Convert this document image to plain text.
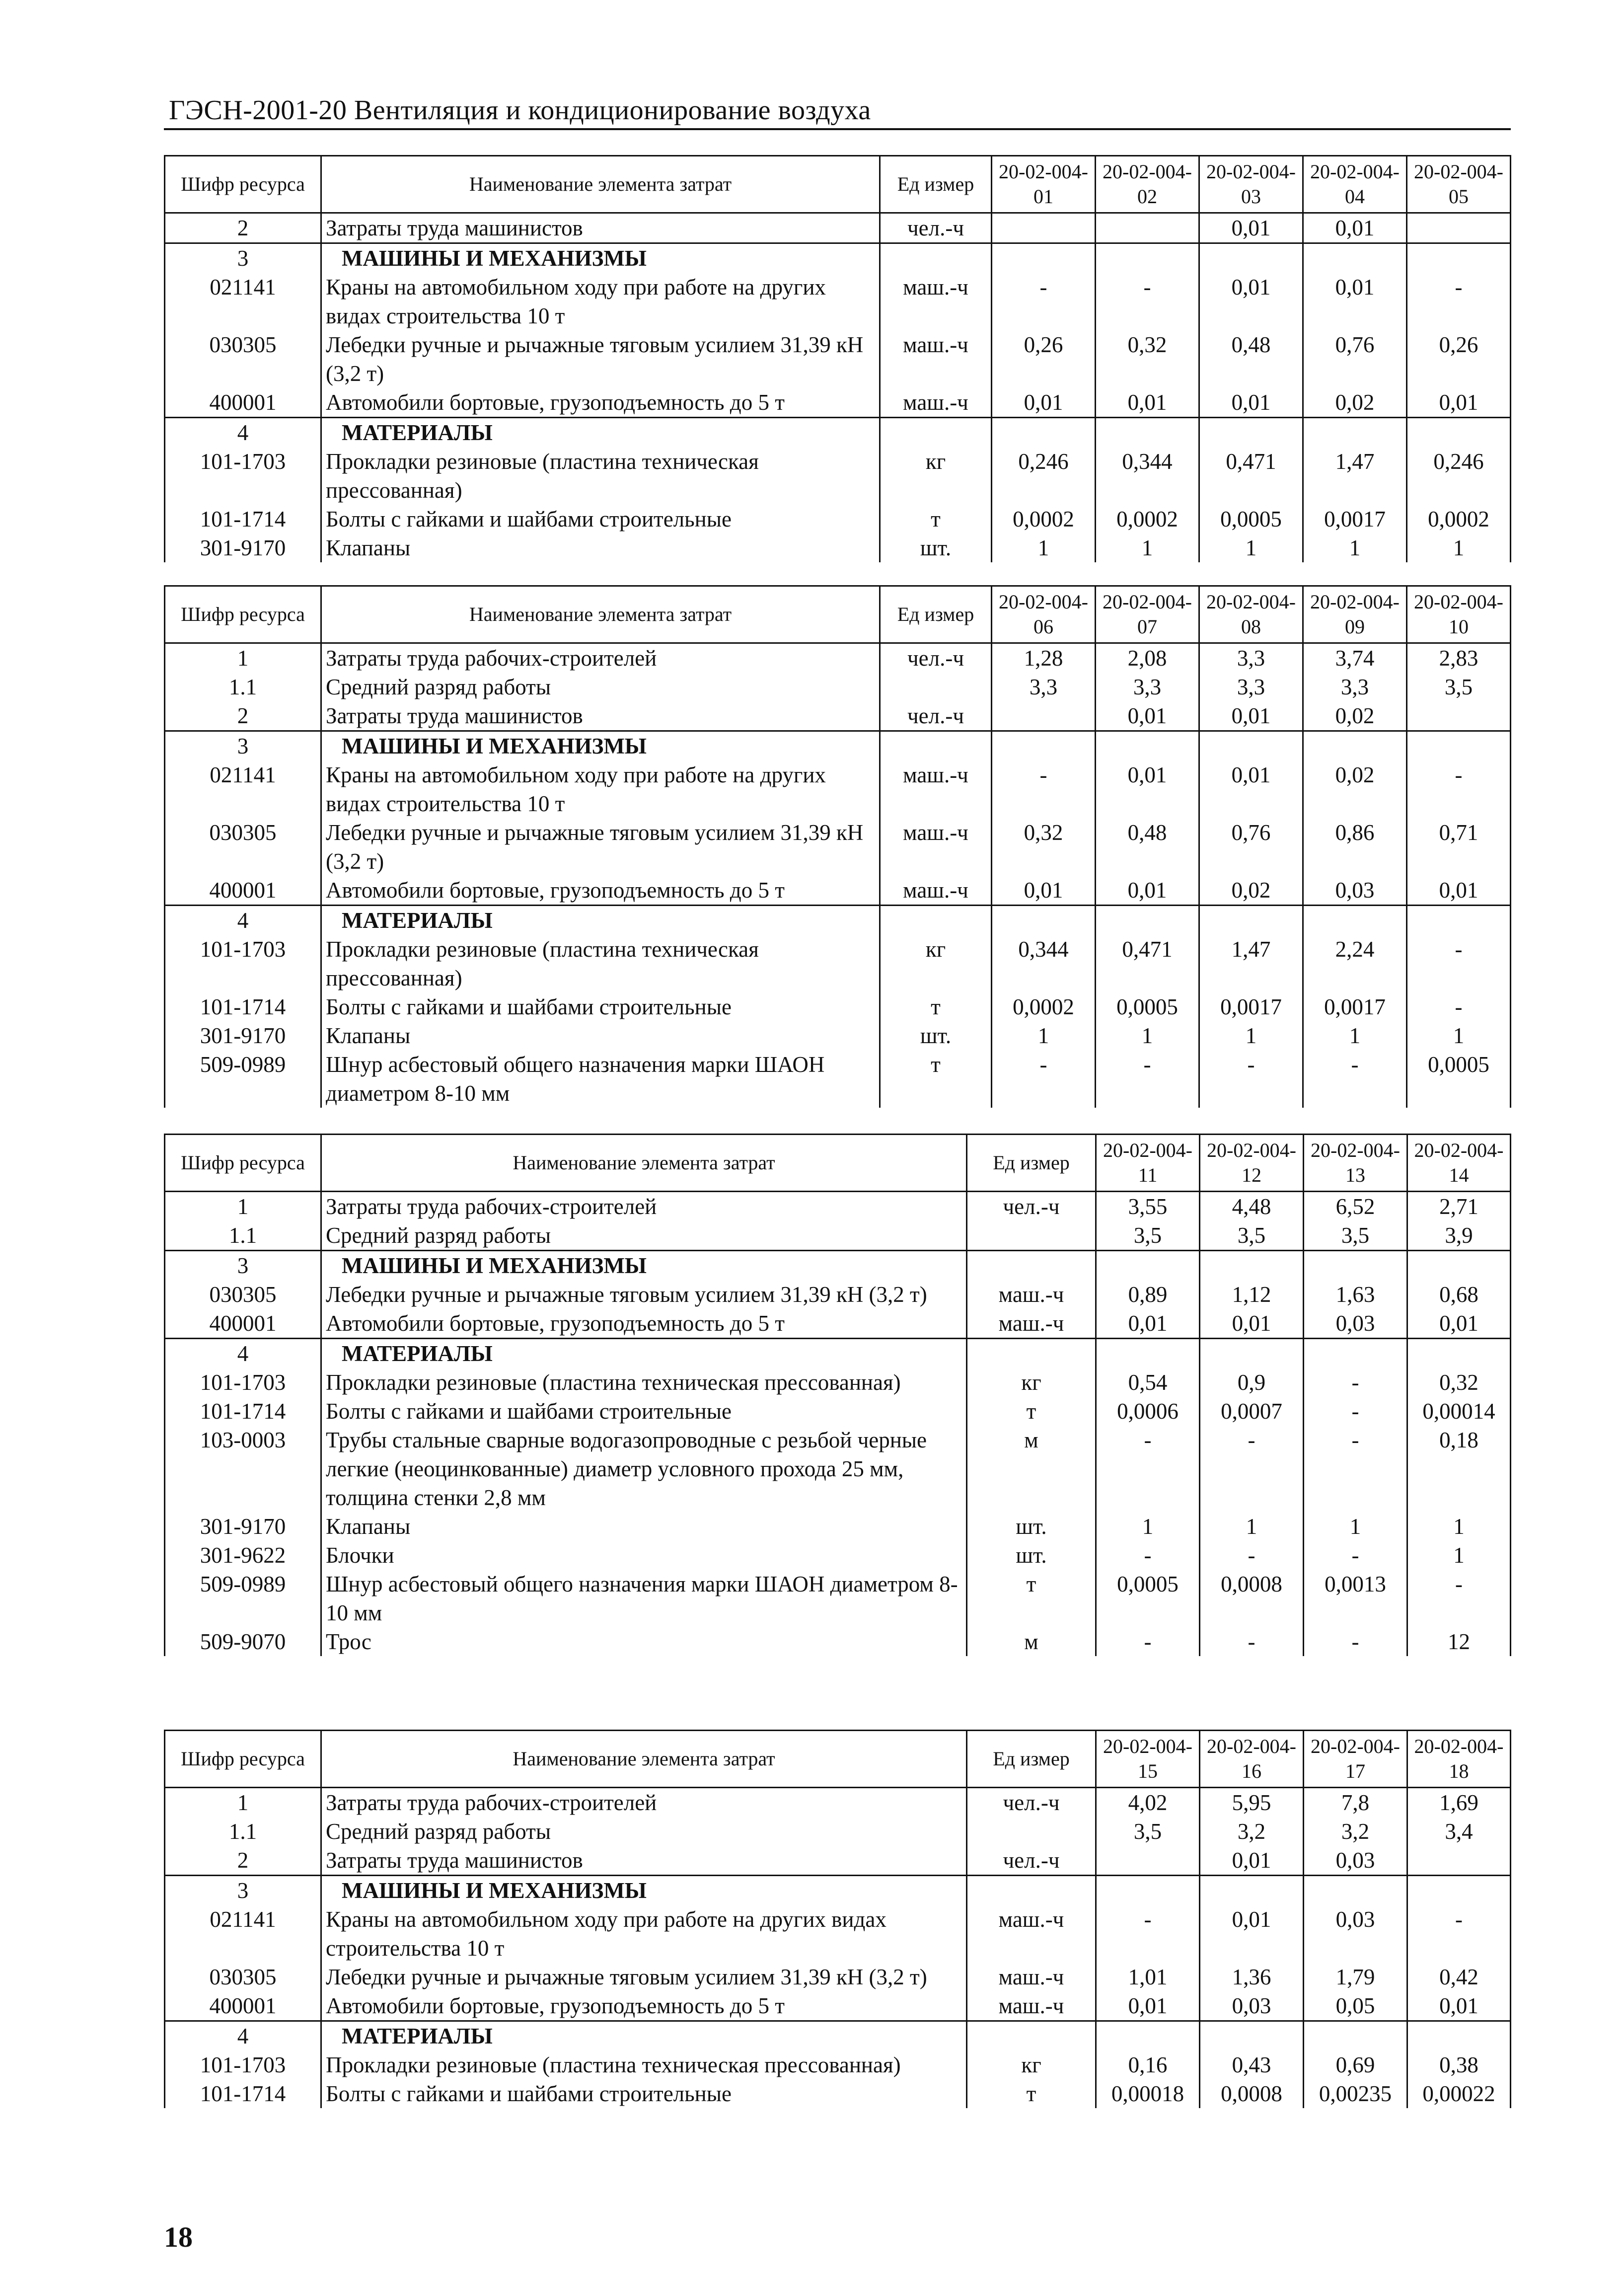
ГЭСН-2001-20 Вентиляция и кондиционирование воздуха
Шифр ресурса	Наименование элемента затрат	Ед измер	20-02-004-01	20-02-004-02	20-02-004-03	20-02-004-04	20-02-004-05
2	Затраты труда машинистов	чел.-ч			0,01	0,01	
3	МАШИНЫ И МЕХАНИЗМЫ						
021141	Краны на автомобильном ходу при работе на других видах строительства 10 т	маш.-ч	-	-	0,01	0,01	-
030305	Лебедки ручные и рычажные тяговым усилием 31,39 кН (3,2 т)	маш.-ч	0,26	0,32	0,48	0,76	0,26
400001	Автомобили бортовые, грузоподъемность до 5 т	маш.-ч	0,01	0,01	0,01	0,02	0,01
4	МАТЕРИАЛЫ						
101-1703	Прокладки резиновые (пластина техническая прессованная)	кг	0,246	0,344	0,471	1,47	0,246
101-1714	Болты с гайками и шайбами строительные	т	0,0002	0,0002	0,0005	0,0017	0,0002
301-9170	Клапаны	шт.	1	1	1	1	1
Шифр ресурса	Наименование элемента затрат	Ед измер	20-02-004-06	20-02-004-07	20-02-004-08	20-02-004-09	20-02-004-10
1	Затраты труда рабочих-строителей	чел.-ч	1,28	2,08	3,3	3,74	2,83
1.1	Средний разряд работы		3,3	3,3	3,3	3,3	3,5
2	Затраты труда машинистов	чел.-ч		0,01	0,01	0,02	
3	МАШИНЫ И МЕХАНИЗМЫ						
021141	Краны на автомобильном ходу при работе на других видах строительства 10 т	маш.-ч	-	0,01	0,01	0,02	-
030305	Лебедки ручные и рычажные тяговым усилием 31,39 кН (3,2 т)	маш.-ч	0,32	0,48	0,76	0,86	0,71
400001	Автомобили бортовые, грузоподъемность до 5 т	маш.-ч	0,01	0,01	0,02	0,03	0,01
4	МАТЕРИАЛЫ						
101-1703	Прокладки резиновые (пластина техническая прессованная)	кг	0,344	0,471	1,47	2,24	-
101-1714	Болты с гайками и шайбами строительные	т	0,0002	0,0005	0,0017	0,0017	-
301-9170	Клапаны	шт.	1	1	1	1	1
509-0989	Шнур асбестовый общего назначения марки ШАОН диаметром 8-10 мм	т	-	-	-	-	0,0005
Шифр ресурса	Наименование элемента затрат	Ед измер	20-02-004-11	20-02-004-12	20-02-004-13	20-02-004-14
1	Затраты труда рабочих-строителей	чел.-ч	3,55	4,48	6,52	2,71
1.1	Средний разряд работы		3,5	3,5	3,5	3,9
3	МАШИНЫ И МЕХАНИЗМЫ					
030305	Лебедки ручные и рычажные тяговым усилием 31,39 кН (3,2 т)	маш.-ч	0,89	1,12	1,63	0,68
400001	Автомобили бортовые, грузоподъемность до 5 т	маш.-ч	0,01	0,01	0,03	0,01
4	МАТЕРИАЛЫ					
101-1703	Прокладки резиновые (пластина техническая прессованная)	кг	0,54	0,9	-	0,32
101-1714	Болты с гайками и шайбами строительные	т	0,0006	0,0007	-	0,00014
103-0003	Трубы стальные сварные водогазопроводные с резьбой черные легкие (неоцинкованные) диаметр условного прохода 25 мм, толщина стенки 2,8 мм	м	-	-	-	0,18
301-9170	Клапаны	шт.	1	1	1	1
301-9622	Блочки	шт.	-	-	-	1
509-0989	Шнур асбестовый общего назначения марки ШАОН диаметром 8-10 мм	т	0,0005	0,0008	0,0013	-
509-9070	Трос	м	-	-	-	12
Шифр ресурса	Наименование элемента затрат	Ед измер	20-02-004-15	20-02-004-16	20-02-004-17	20-02-004-18
1	Затраты труда рабочих-строителей	чел.-ч	4,02	5,95	7,8	1,69
1.1	Средний разряд работы		3,5	3,2	3,2	3,4
2	Затраты труда машинистов	чел.-ч		0,01	0,03	
3	МАШИНЫ И МЕХАНИЗМЫ					
021141	Краны на автомобильном ходу при работе на других видах строительства 10 т	маш.-ч	-	0,01	0,03	-
030305	Лебедки ручные и рычажные тяговым усилием 31,39 кН (3,2 т)	маш.-ч	1,01	1,36	1,79	0,42
400001	Автомобили бортовые, грузоподъемность до 5 т	маш.-ч	0,01	0,03	0,05	0,01
4	МАТЕРИАЛЫ					
101-1703	Прокладки резиновые (пластина техническая прессованная)	кг	0,16	0,43	0,69	0,38
101-1714	Болты с гайками и шайбами строительные	т	0,00018	0,0008	0,00235	0,00022
18
